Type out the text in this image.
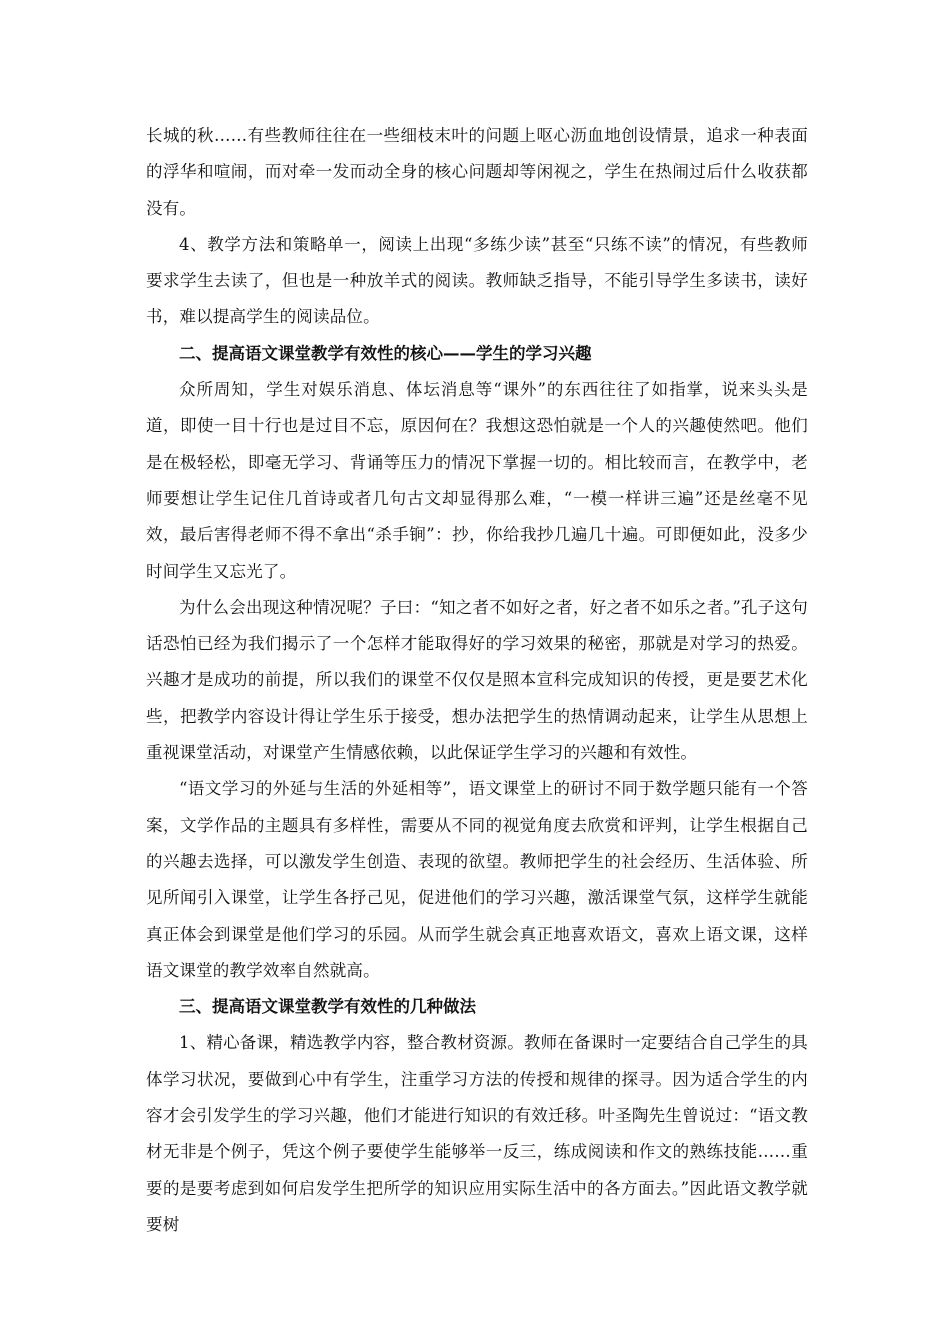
长城的秋……有些教师往往在一些细枝末叶的问题上呕心沥血地创设情景，追求一种表面的浮华和喧闹，而对牵一发而动全身的核心问题却等闲视之，学生在热闹过后什么收获都没有。

4、教学方法和策略单一，阅读上出现“多练少读”甚至“只练不读”的情况，有些教师要求学生去读了，但也是一种放羊式的阅读。教师缺乏指导，不能引导学生多读书，读好书，难以提高学生的阅读品位。

二、提高语文课堂教学有效性的核心——学生的学习兴趣

众所周知，学生对娱乐消息、体坛消息等“课外”的东西往往了如指掌，说来头头是道，即使一目十行也是过目不忘，原因何在？我想这恐怕就是一个人的兴趣使然吧。他们是在极轻松，即毫无学习、背诵等压力的情况下掌握一切的。相比较而言，在教学中，老师要想让学生记住几首诗或者几句古文却显得那么难，“一模一样讲三遍”还是丝毫不见效，最后害得老师不得不拿出“杀手锏”：抄，你给我抄几遍几十遍。可即便如此，没多少时间学生又忘光了。

为什么会出现这种情况呢？子曰：“知之者不如好之者，好之者不如乐之者。”孔子这句话恐怕已经为我们揭示了一个怎样才能取得好的学习效果的秘密，那就是对学习的热爱。兴趣才是成功的前提，所以我们的课堂不仅仅是照本宣科完成知识的传授，更是要艺术化些，把教学内容设计得让学生乐于接受，想办法把学生的热情调动起来，让学生从思想上重视课堂活动，对课堂产生情感依赖，以此保证学生学习的兴趣和有效性。

“语文学习的外延与生活的外延相等”，语文课堂上的研讨不同于数学题只能有一个答案，文学作品的主题具有多样性，需要从不同的视觉角度去欣赏和评判，让学生根据自己的兴趣去选择，可以激发学生创造、表现的欲望。教师把学生的社会经历、生活体验、所见所闻引入课堂，让学生各抒己见，促进他们的学习兴趣，激活课堂气氛，这样学生就能真正体会到课堂是他们学习的乐园。从而学生就会真正地喜欢语文，喜欢上语文课，这样语文课堂的教学效率自然就高。

三、提高语文课堂教学有效性的几种做法

1、精心备课，精选教学内容，整合教材资源。教师在备课时一定要结合自己学生的具体学习状况，要做到心中有学生，注重学习方法的传授和规律的探寻。因为适合学生的内容才会引发学生的学习兴趣，他们才能进行知识的有效迁移。叶圣陶先生曾说过：“语文教材无非是个例子，凭这个例子要使学生能够举一反三，练成阅读和作文的熟练技能……重要的是要考虑到如何启发学生把所学的知识应用实际生活中的各方面去。”因此语文教学就要树
